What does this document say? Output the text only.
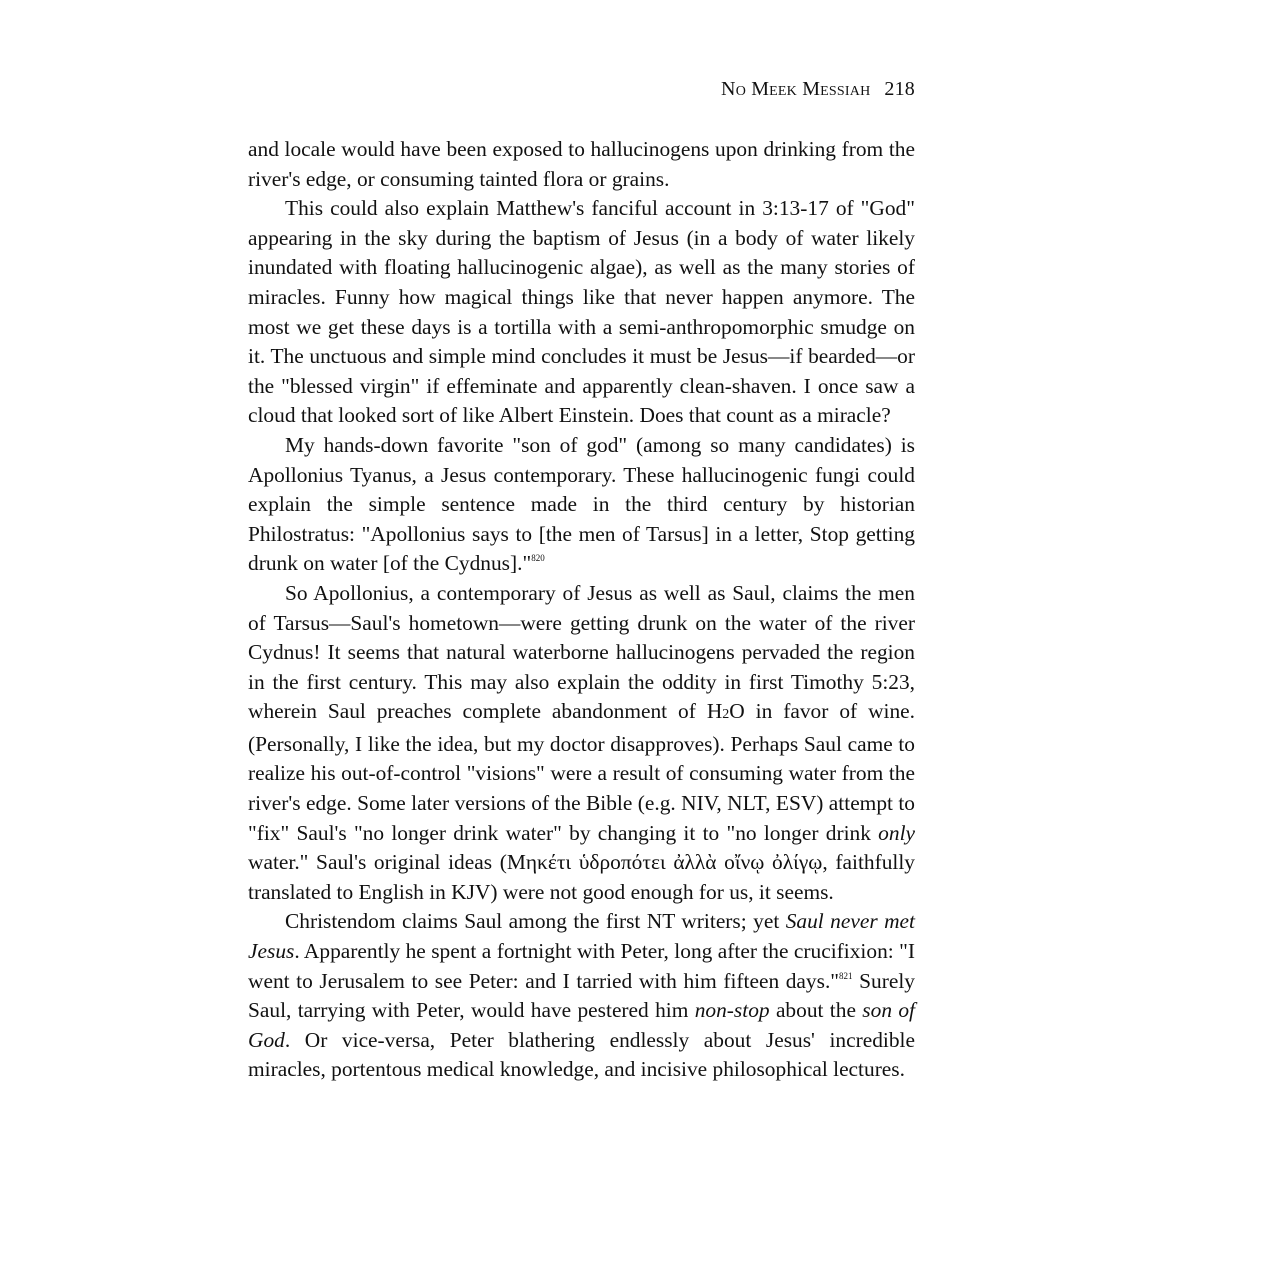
No Meek Messiah 218

and locale would have been exposed to hallucinogens upon drinking from the river's edge, or consuming tainted flora or grains.

This could also explain Matthew's fanciful account in 3:13-17 of "God" appearing in the sky during the baptism of Jesus (in a body of water likely inundated with floating hallucinogenic algae), as well as the many stories of miracles. Funny how magical things like that never happen anymore. The most we get these days is a tortilla with a semi-anthropomorphic smudge on it. The unctuous and simple mind concludes it must be Jesus—if bearded—or the "blessed virgin" if effeminate and apparently clean-shaven. I once saw a cloud that looked sort of like Albert Einstein. Does that count as a miracle?

My hands-down favorite "son of god" (among so many candidates) is Apollonius Tyanus, a Jesus contemporary. These hallucinogenic fungi could explain the simple sentence made in the third century by historian Philostratus: "Apollonius says to [the men of Tarsus] in a letter, Stop getting drunk on water [of the Cydnus]."$^{820}$

So Apollonius, a contemporary of Jesus as well as Saul, claims the men of Tarsus—Saul's hometown—were getting drunk on the water of the river Cydnus! It seems that natural waterborne hallucinogens pervaded the region in the first century. This may also explain the oddity in first Timothy 5:23, wherein Saul preaches complete abandonment of H2O in favor of wine. (Personally, I like the idea, but my doctor disapproves). Perhaps Saul came to realize his out-of-control "visions" were a result of consuming water from the river's edge. Some later versions of the Bible (e.g. NIV, NLT, ESV) attempt to "fix" Saul's "no longer drink water" by changing it to "no longer drink only water." Saul's original ideas (Μηκέτι ὑδροπότει ἀλλὰ οἴνῳ ὀλίγῳ, faithfully translated to English in KJV) were not good enough for us, it seems.

Christendom claims Saul among the first NT writers; yet Saul never met Jesus. Apparently he spent a fortnight with Peter, long after the crucifixion: "I went to Jerusalem to see Peter: and I tarried with him fifteen days."$^{821}$ Surely Saul, tarrying with Peter, would have pestered him non-stop about the son of God. Or vice-versa, Peter blathering endlessly about Jesus' incredible miracles, portentous medical knowledge, and incisive philosophical lectures.
